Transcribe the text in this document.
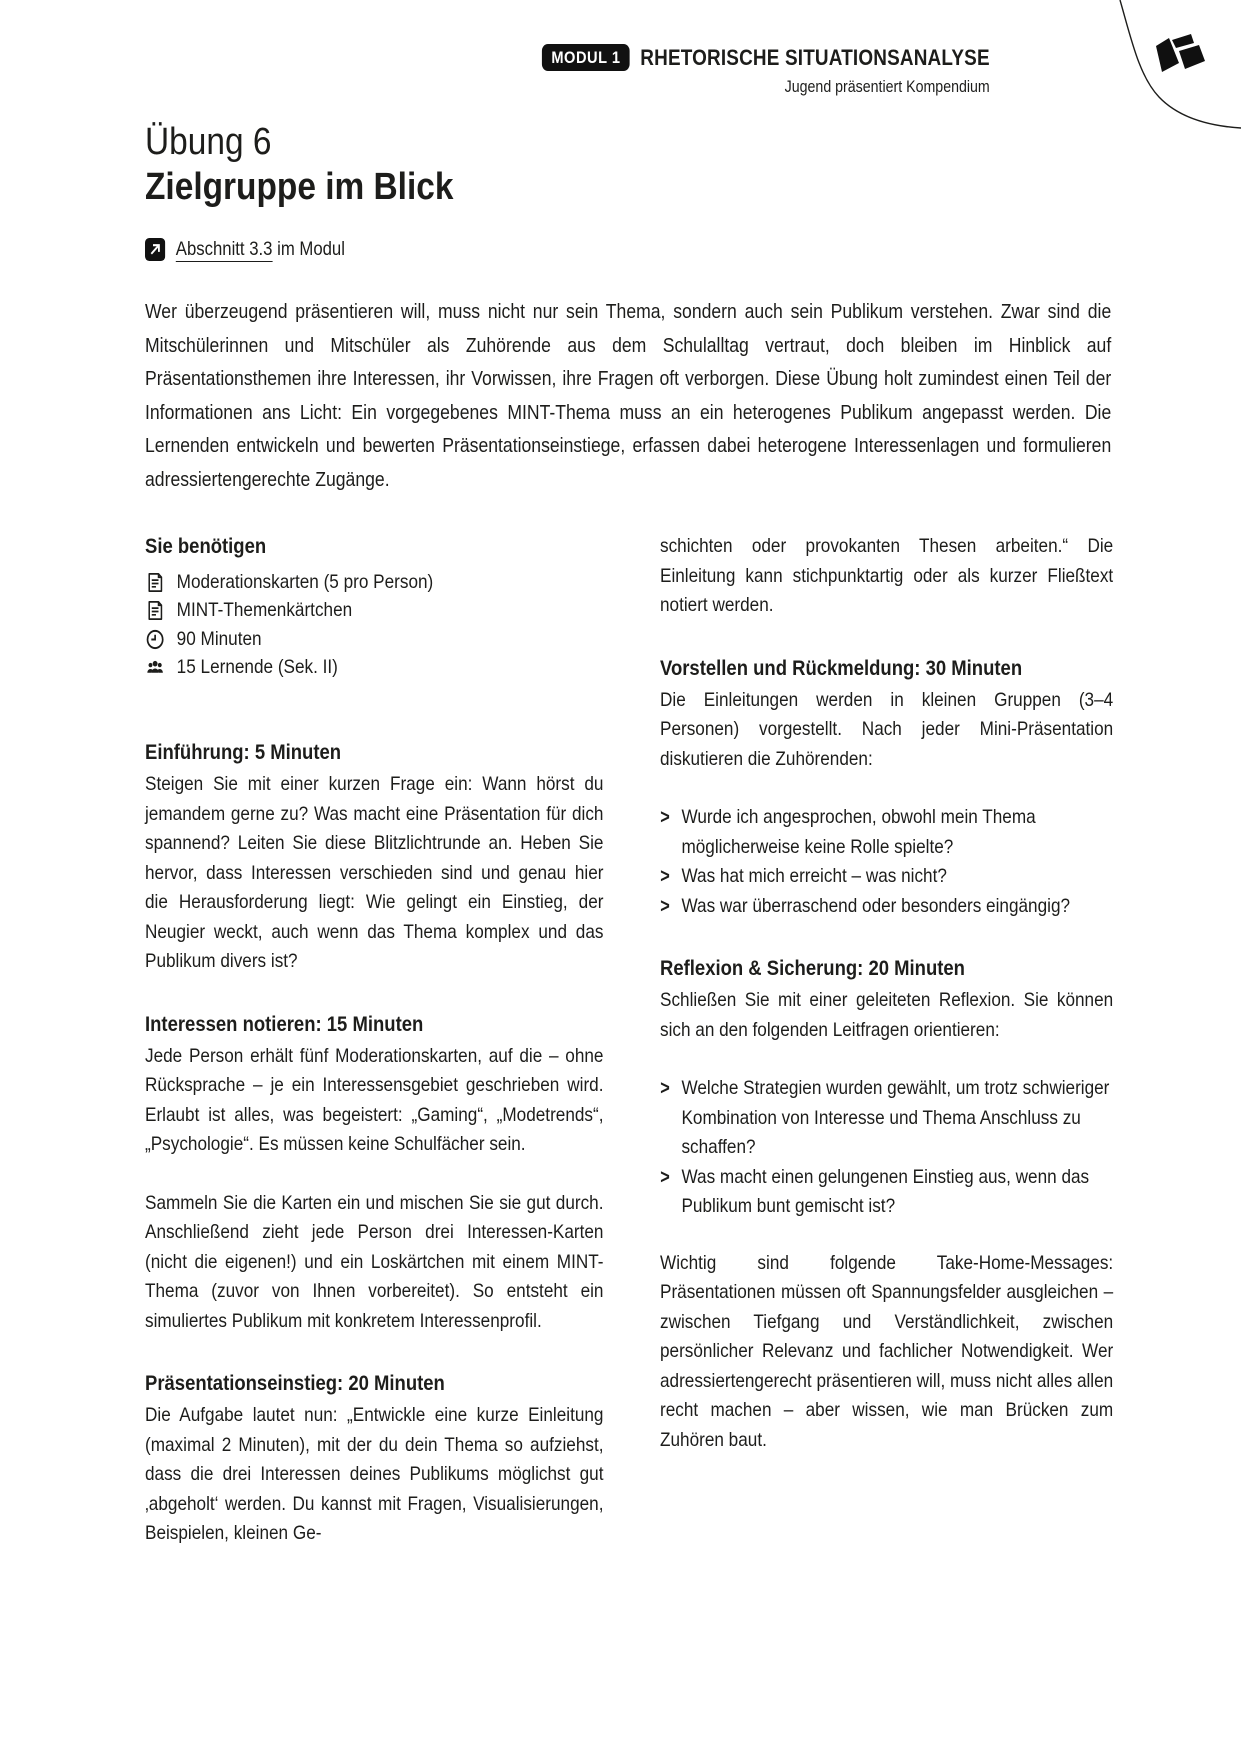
MODUL 1 RHETORISCHE SITUATIONSANALYSE
Jugend präsentiert Kompendium
Übung 6
Zielgruppe im Blick
Abschnitt 3.3 im Modul

Wer überzeugend präsentieren will, muss nicht nur sein Thema, sondern auch sein Publikum verstehen. Zwar sind die Mitschülerinnen und Mitschüler als Zuhörende aus dem Schulalltag vertraut, doch bleiben im Hinblick auf Präsentationsthemen ihre Interessen, ihr Vorwissen, ihre Fragen oft verborgen. Diese Übung holt zumindest einen Teil der Informationen ans Licht: Ein vorgegebenes MINT-Thema muss an ein heterogenes Publikum angepasst werden. Die Lernenden entwickeln und bewerten Präsentationseinstiege, erfassen dabei heterogene Interessenlagen und formulieren adressiertengerechte Zugänge.

Sie benötigen
Moderationskarten (5 pro Person)
MINT-Themenkärtchen
90 Minuten
15 Lernende (Sek. II)
Einführung: 5 Minuten

Steigen Sie mit einer kurzen Frage ein: Wann hörst du jemandem gerne zu? Was macht eine Präsentation für dich spannend? Leiten Sie diese Blitzlichtrunde an. Heben Sie hervor, dass Interessen verschieden sind und genau hier die Herausforderung liegt: Wie gelingt ein Einstieg, der Neugier weckt, auch wenn das Thema komplex und das Publikum divers ist?

Interessen notieren: 15 Minuten

Jede Person erhält fünf Moderationskarten, auf die – ohne Rücksprache – je ein Interessensgebiet geschrieben wird. Erlaubt ist alles, was begeistert: „Gaming“, „Modetrends“, „Psychologie“. Es müssen keine Schulfächer sein.

Sammeln Sie die Karten ein und mischen Sie sie gut durch. Anschließend zieht jede Person drei Interessen-Karten (nicht die eigenen!) und ein Loskärtchen mit einem MINT-Thema (zuvor von Ihnen vorbereitet). So entsteht ein simuliertes Publikum mit konkretem Interessenprofil.

Präsentationseinstieg: 20 Minuten

Die Aufgabe lautet nun: „Entwickle eine kurze Einleitung (maximal 2 Minuten), mit der du dein Thema so aufziehst, dass die drei Interessen deines Publikums möglichst gut ‚abgeholt‘ werden. Du kannst mit Fragen, Visualisierungen, Beispielen, kleinen Ge-

schichten oder provokanten Thesen arbeiten.“ Die Einleitung kann stichpunktartig oder als kurzer Fließtext notiert werden.

Vorstellen und Rückmeldung: 30 Minuten

Die Einleitungen werden in kleinen Gruppen (3–4 Personen) vorgestellt. Nach jeder Mini-Präsentation diskutieren die Zuhörenden:

> Wurde ich angesprochen, obwohl mein Thema möglicherweise keine Rolle spielte?
> Was hat mich erreicht – was nicht?
> Was war überraschend oder besonders eingängig?
Reflexion & Sicherung: 20 Minuten

Schließen Sie mit einer geleiteten Reflexion. Sie können sich an den folgenden Leitfragen orientieren:

> Welche Strategien wurden gewählt, um trotz schwieriger Kombination von Interesse und Thema Anschluss zu schaffen?
> Was macht einen gelungenen Einstieg aus, wenn das Publikum bunt gemischt ist?

Wichtig sind folgende Take-Home-Messages: Präsentationen müssen oft Spannungsfelder ausgleichen – zwischen Tiefgang und Verständlichkeit, zwischen persönlicher Relevanz und fachlicher Notwendigkeit. Wer adressiertengerecht präsentieren will, muss nicht alles allen recht machen – aber wissen, wie man Brücken zum Zuhören baut.
